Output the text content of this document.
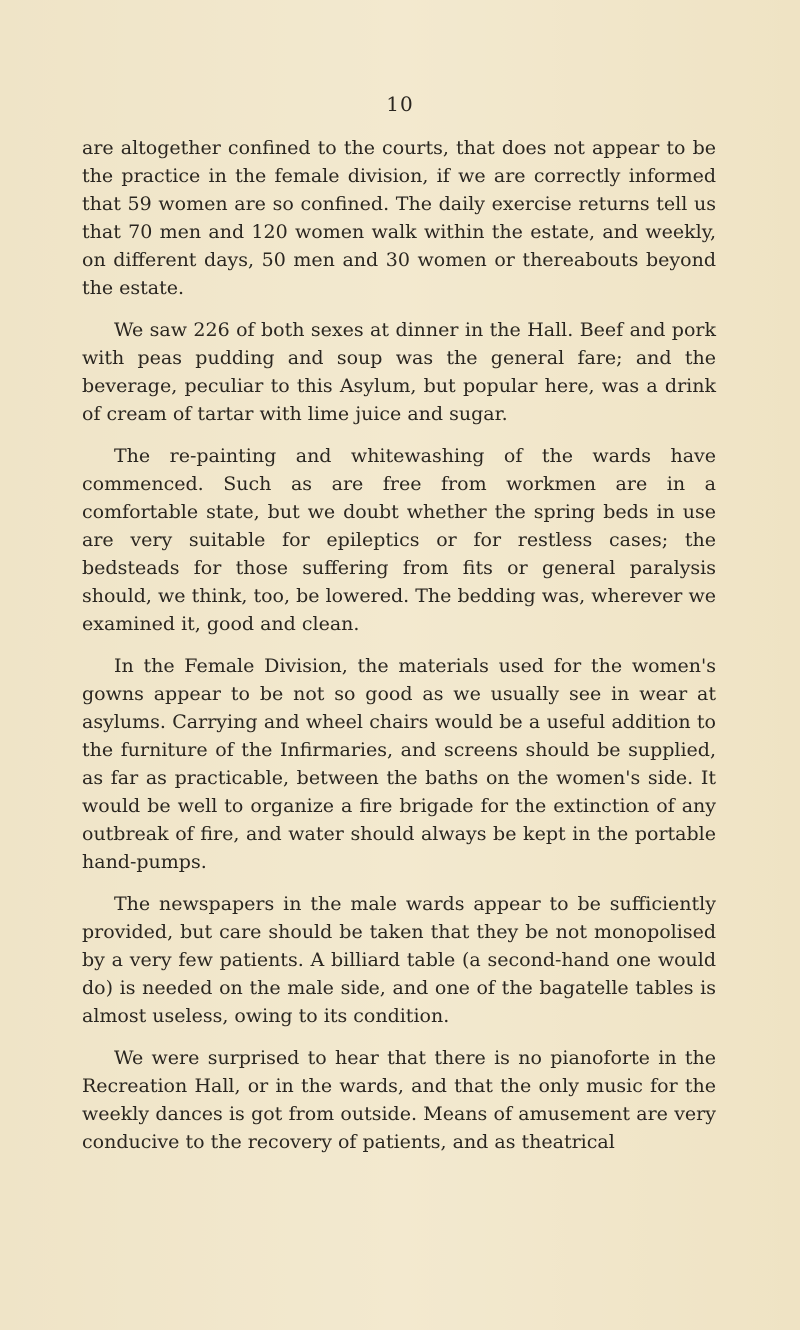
10

are altogether confined to the courts, that does not appear to be the practice in the female division, if we are correctly informed that 59 women are so confined. The daily exercise returns tell us that 70 men and 120 women walk within the estate, and weekly, on different days, 50 men and 30 women or thereabouts beyond the estate.

We saw 226 of both sexes at dinner in the Hall. Beef and pork with peas pudding and soup was the general fare; and the beverage, peculiar to this Asylum, but popular here, was a drink of cream of tartar with lime juice and sugar.

The re-painting and whitewashing of the wards have commenced. Such as are free from workmen are in a comfortable state, but we doubt whether the spring beds in use are very suitable for epileptics or for restless cases; the bedsteads for those suffering from fits or general paralysis should, we think, too, be lowered. The bedding was, wherever we examined it, good and clean.

In the Female Division, the materials used for the women's gowns appear to be not so good as we usually see in wear at asylums. Carrying and wheel chairs would be a useful addition to the furniture of the Infirmaries, and screens should be supplied, as far as practicable, between the baths on the women's side. It would be well to organize a fire brigade for the extinction of any outbreak of fire, and water should always be kept in the portable hand-pumps.

The newspapers in the male wards appear to be sufficiently provided, but care should be taken that they be not monopolised by a very few patients. A billiard table (a second-hand one would do) is needed on the male side, and one of the bagatelle tables is almost useless, owing to its condition.

We were surprised to hear that there is no pianoforte in the Recreation Hall, or in the wards, and that the only music for the weekly dances is got from outside. Means of amusement are very conducive to the recovery of patients, and as theatrical
